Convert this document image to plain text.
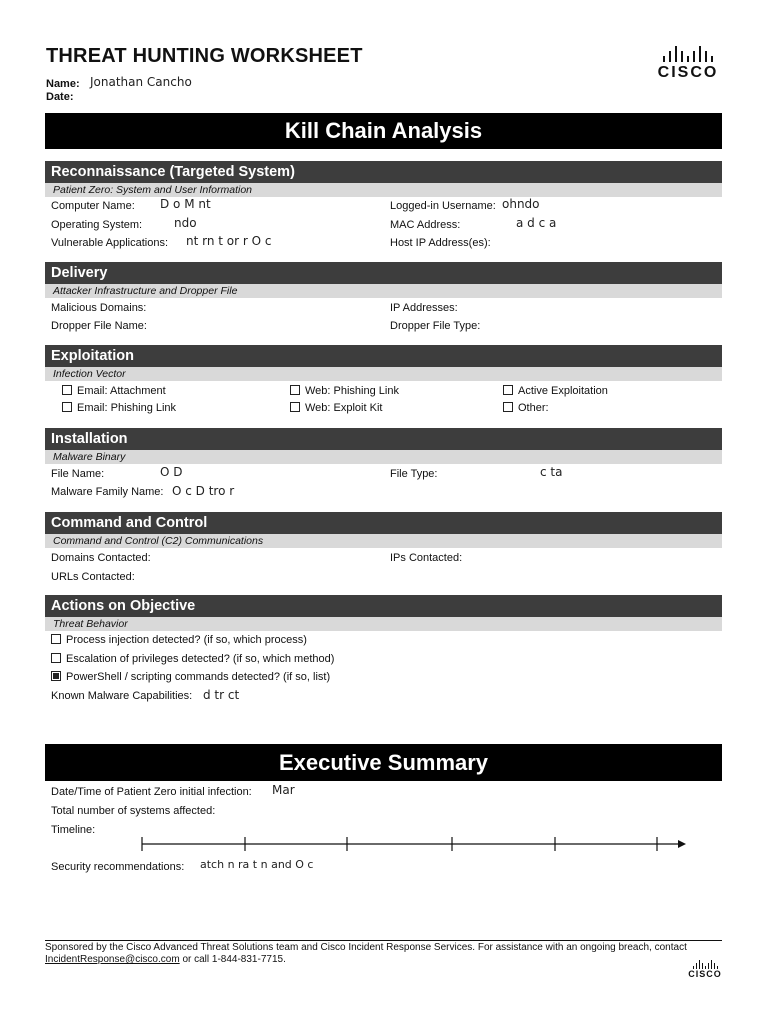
THREAT HUNTING WORKSHEET
Name: Jonathan Cancho
Date:
CISCO
Kill Chain Analysis
Reconnaissance (Targeted System)
Patient Zero: System and User Information
Computer Name: D o M nt	Logged-in Username: ohndo
Operating System:	ndo	MAC Address:	a d c a
Vulnerable Applications: nt rn t or r O c	Host IP Address(es):
Delivery
Attacker Infrastructure and Dropper File
Malicious Domains:	IP Addresses:
Dropper File Name:	Dropper File Type:
Exploitation
Infection Vector
Email: Attachment	Web: Phishing Link	Active Exploitation
Email: Phishing Link	Web: Exploit Kit	Other:
Installation
Malware Binary
File Name:	O D	File Type:	c ta
Malware Family Name: O c D tro r
Command and Control
Command and Control (C2) Communications
Domains Contacted:	IPs Contacted:
URLs Contacted:
Actions on Objective
Threat Behavior
Process injection detected? (if so, which process)
Escalation of privileges detected? (if so, which method)
PowerShell / scripting commands detected? (if so, list)
Known Malware Capabilities: d tr ct
Executive Summary
Date/Time of Patient Zero initial infection: Mar
Total number of systems affected:
Timeline:
Security recommendations: atch n ra t n and O c
Sponsored by the Cisco Advanced Threat Solutions team and Cisco Incident Response Services. For assistance with an ongoing breach, contact
IncidentResponse@cisco.com or call 1-844-831-7715.
CISCO
